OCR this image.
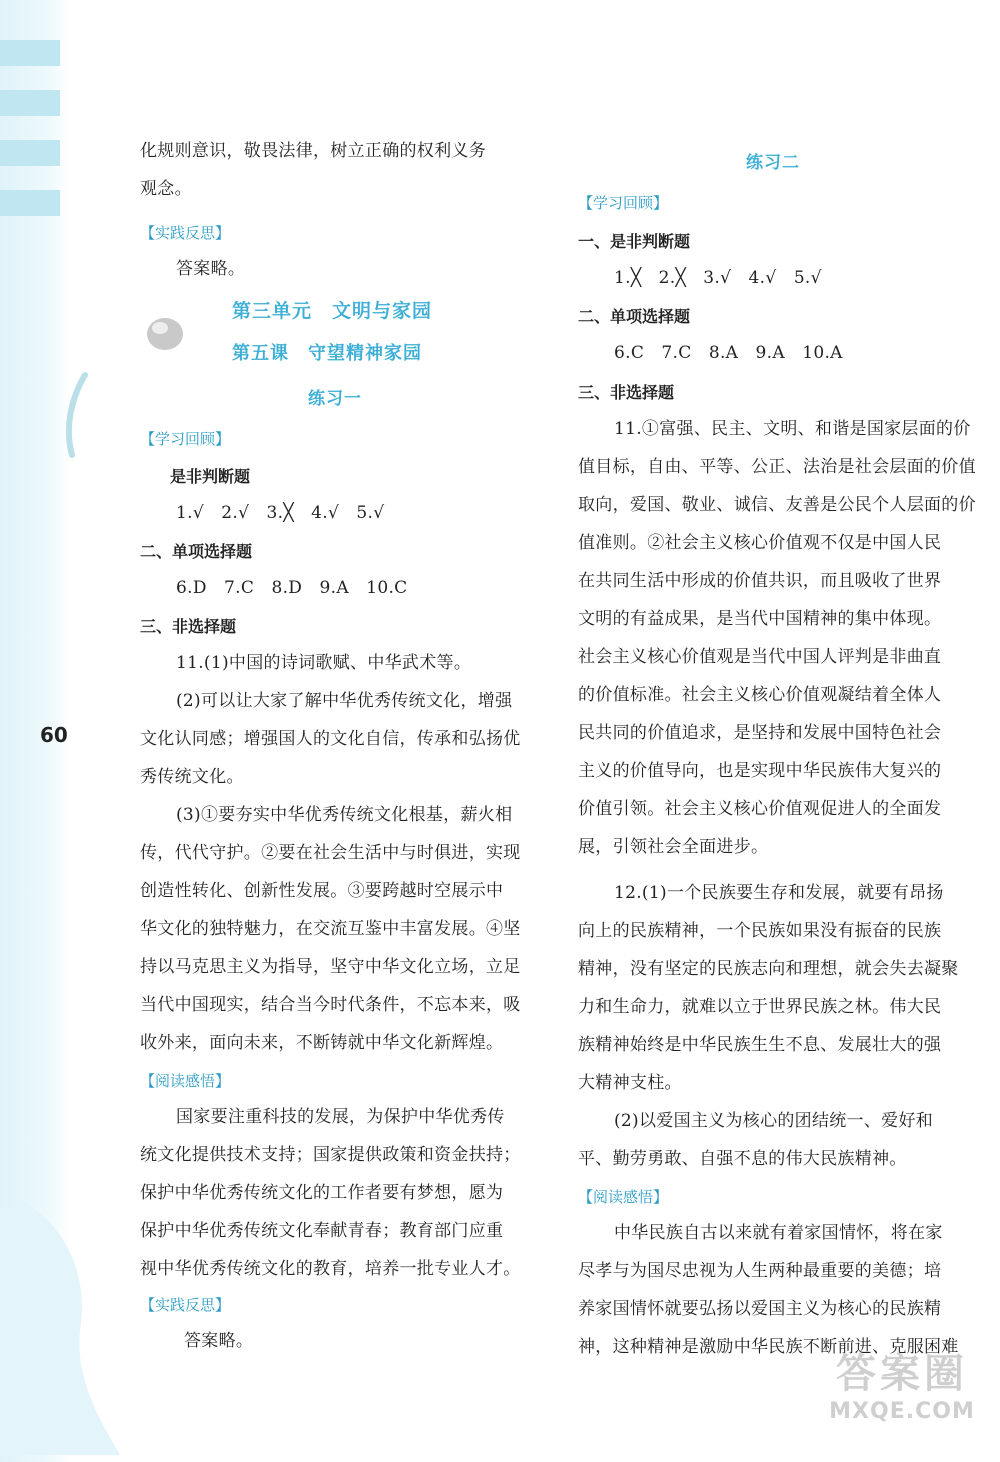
60
化规则意识，敬畏法律，树立正确的权利义务
观念。
【实践反思】
答案略。
第三单元　文明与家园
第五课　守望精神家园
练习一
【学习回顾】
是非判断题
1.√　2.√　3.╳　4.√　5.√
二、单项选择题
6.D　7.C　8.D　9.A　10.C
三、非选择题
11.(1)中国的诗词歌赋、中华武术等。
(2)可以让大家了解中华优秀传统文化，增强
文化认同感；增强国人的文化自信，传承和弘扬优
秀传统文化。
(3)①要夯实中华优秀传统文化根基，薪火相
传，代代守护。②要在社会生活中与时俱进，实现
创造性转化、创新性发展。③要跨越时空展示中
华文化的独特魅力，在交流互鉴中丰富发展。④坚
持以马克思主义为指导，坚守中华文化立场，立足
当代中国现实，结合当今时代条件，不忘本来，吸
收外来，面向未来，不断铸就中华文化新辉煌。
【阅读感悟】
国家要注重科技的发展，为保护中华优秀传
统文化提供技术支持；国家提供政策和资金扶持；
保护中华优秀传统文化的工作者要有梦想，愿为
保护中华优秀传统文化奉献青春；教育部门应重
视中华优秀传统文化的教育，培养一批专业人才。
【实践反思】
答案略。
练习二
【学习回顾】
一、是非判断题
1.╳　2.╳　3.√　4.√　5.√
二、单项选择题
6.C　7.C　8.A　9.A　10.A
三、非选择题
11.①富强、民主、文明、和谐是国家层面的价
值目标，自由、平等、公正、法治是社会层面的价值
取向，爱国、敬业、诚信、友善是公民个人层面的价
值准则。②社会主义核心价值观不仅是中国人民
在共同生活中形成的价值共识，而且吸收了世界
文明的有益成果，是当代中国精神的集中体现。
社会主义核心价值观是当代中国人评判是非曲直
的价值标准。社会主义核心价值观凝结着全体人
民共同的价值追求，是坚持和发展中国特色社会
主义的价值导向，也是实现中华民族伟大复兴的
价值引领。社会主义核心价值观促进人的全面发
展，引领社会全面进步。
12.(1)一个民族要生存和发展，就要有昂扬
向上的民族精神，一个民族如果没有振奋的民族
精神，没有坚定的民族志向和理想，就会失去凝聚
力和生命力，就难以立于世界民族之林。伟大民
族精神始终是中华民族生生不息、发展壮大的强
大精神支柱。
(2)以爱国主义为核心的团结统一、爱好和
平、勤劳勇敢、自强不息的伟大民族精神。
【阅读感悟】
中华民族自古以来就有着家国情怀，将在家
尽孝与为国尽忠视为人生两种最重要的美德；培
养家国情怀就要弘扬以爱国主义为核心的民族精
神，这种精神是激励中华民族不断前进、克服困难
答案圈
MXQE.COM
